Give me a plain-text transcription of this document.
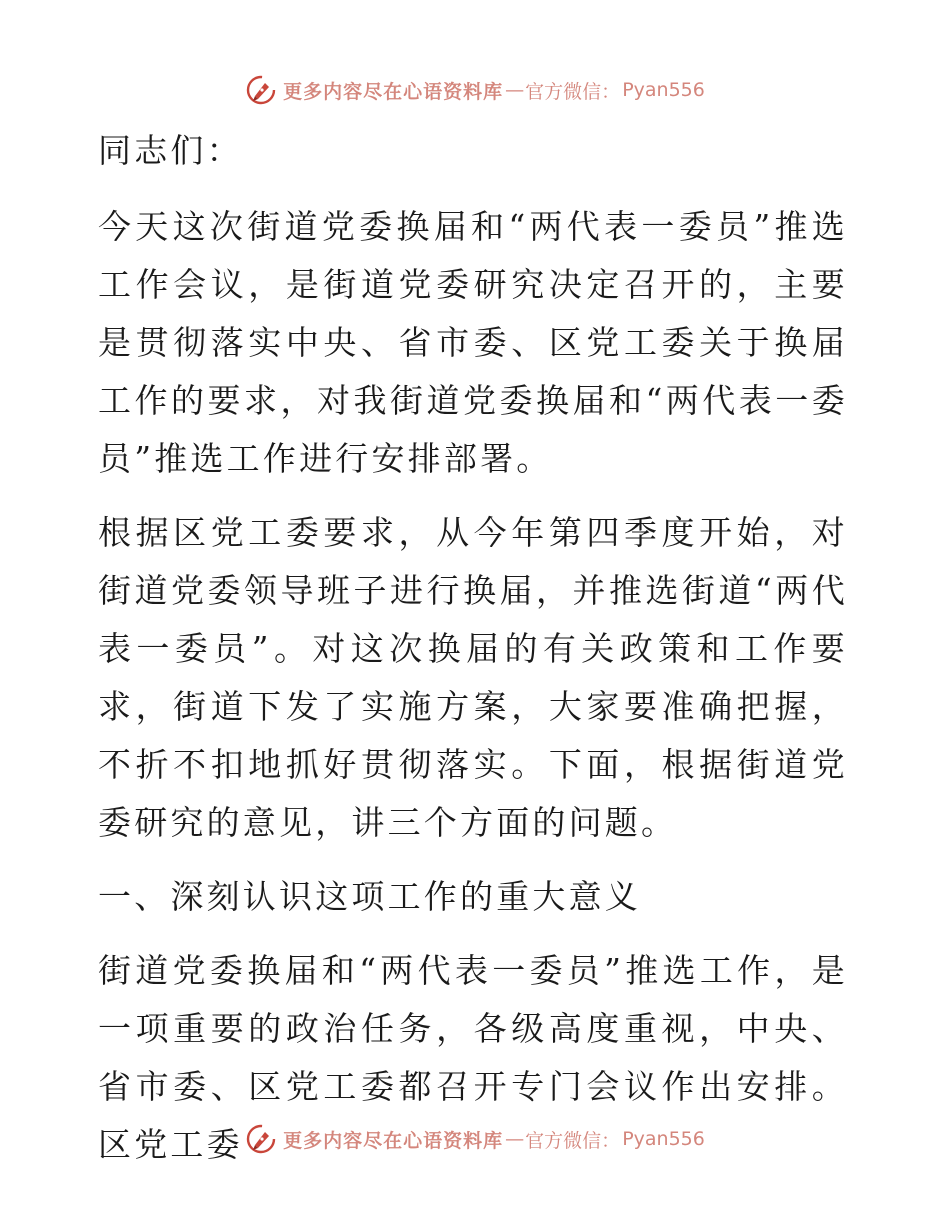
更多内容尽在心语资料库 — 官方微信： Pyan556

同志们：

今天这次街道党委换届和“两代表一委员”推选工作会议，是街道党委研究决定召开的，主要是贯彻落实中央、省市委、区党工委关于换届工作的要求，对我街道党委换届和“两代表一委员”推选工作进行安排部署。

根据区党工委要求，从今年第四季度开始，对街道党委领导班子进行换届，并推选街道“两代表一委员”。对这次换届的有关政策和工作要求，街道下发了实施方案，大家要准确把握，不折不扣地抓好贯彻落实。下面，根据街道党委研究的意见，讲三个方面的问题。

一、深刻认识这项工作的重大意义

街道党委换届和“两代表一委员”推选工作，是一项重要的政治任务，各级高度重视，中央、省市委、区党工委都召开专门会议作出安排。区党工委	更多内容尽在心语资料库 — 官方微信： Pyan556
